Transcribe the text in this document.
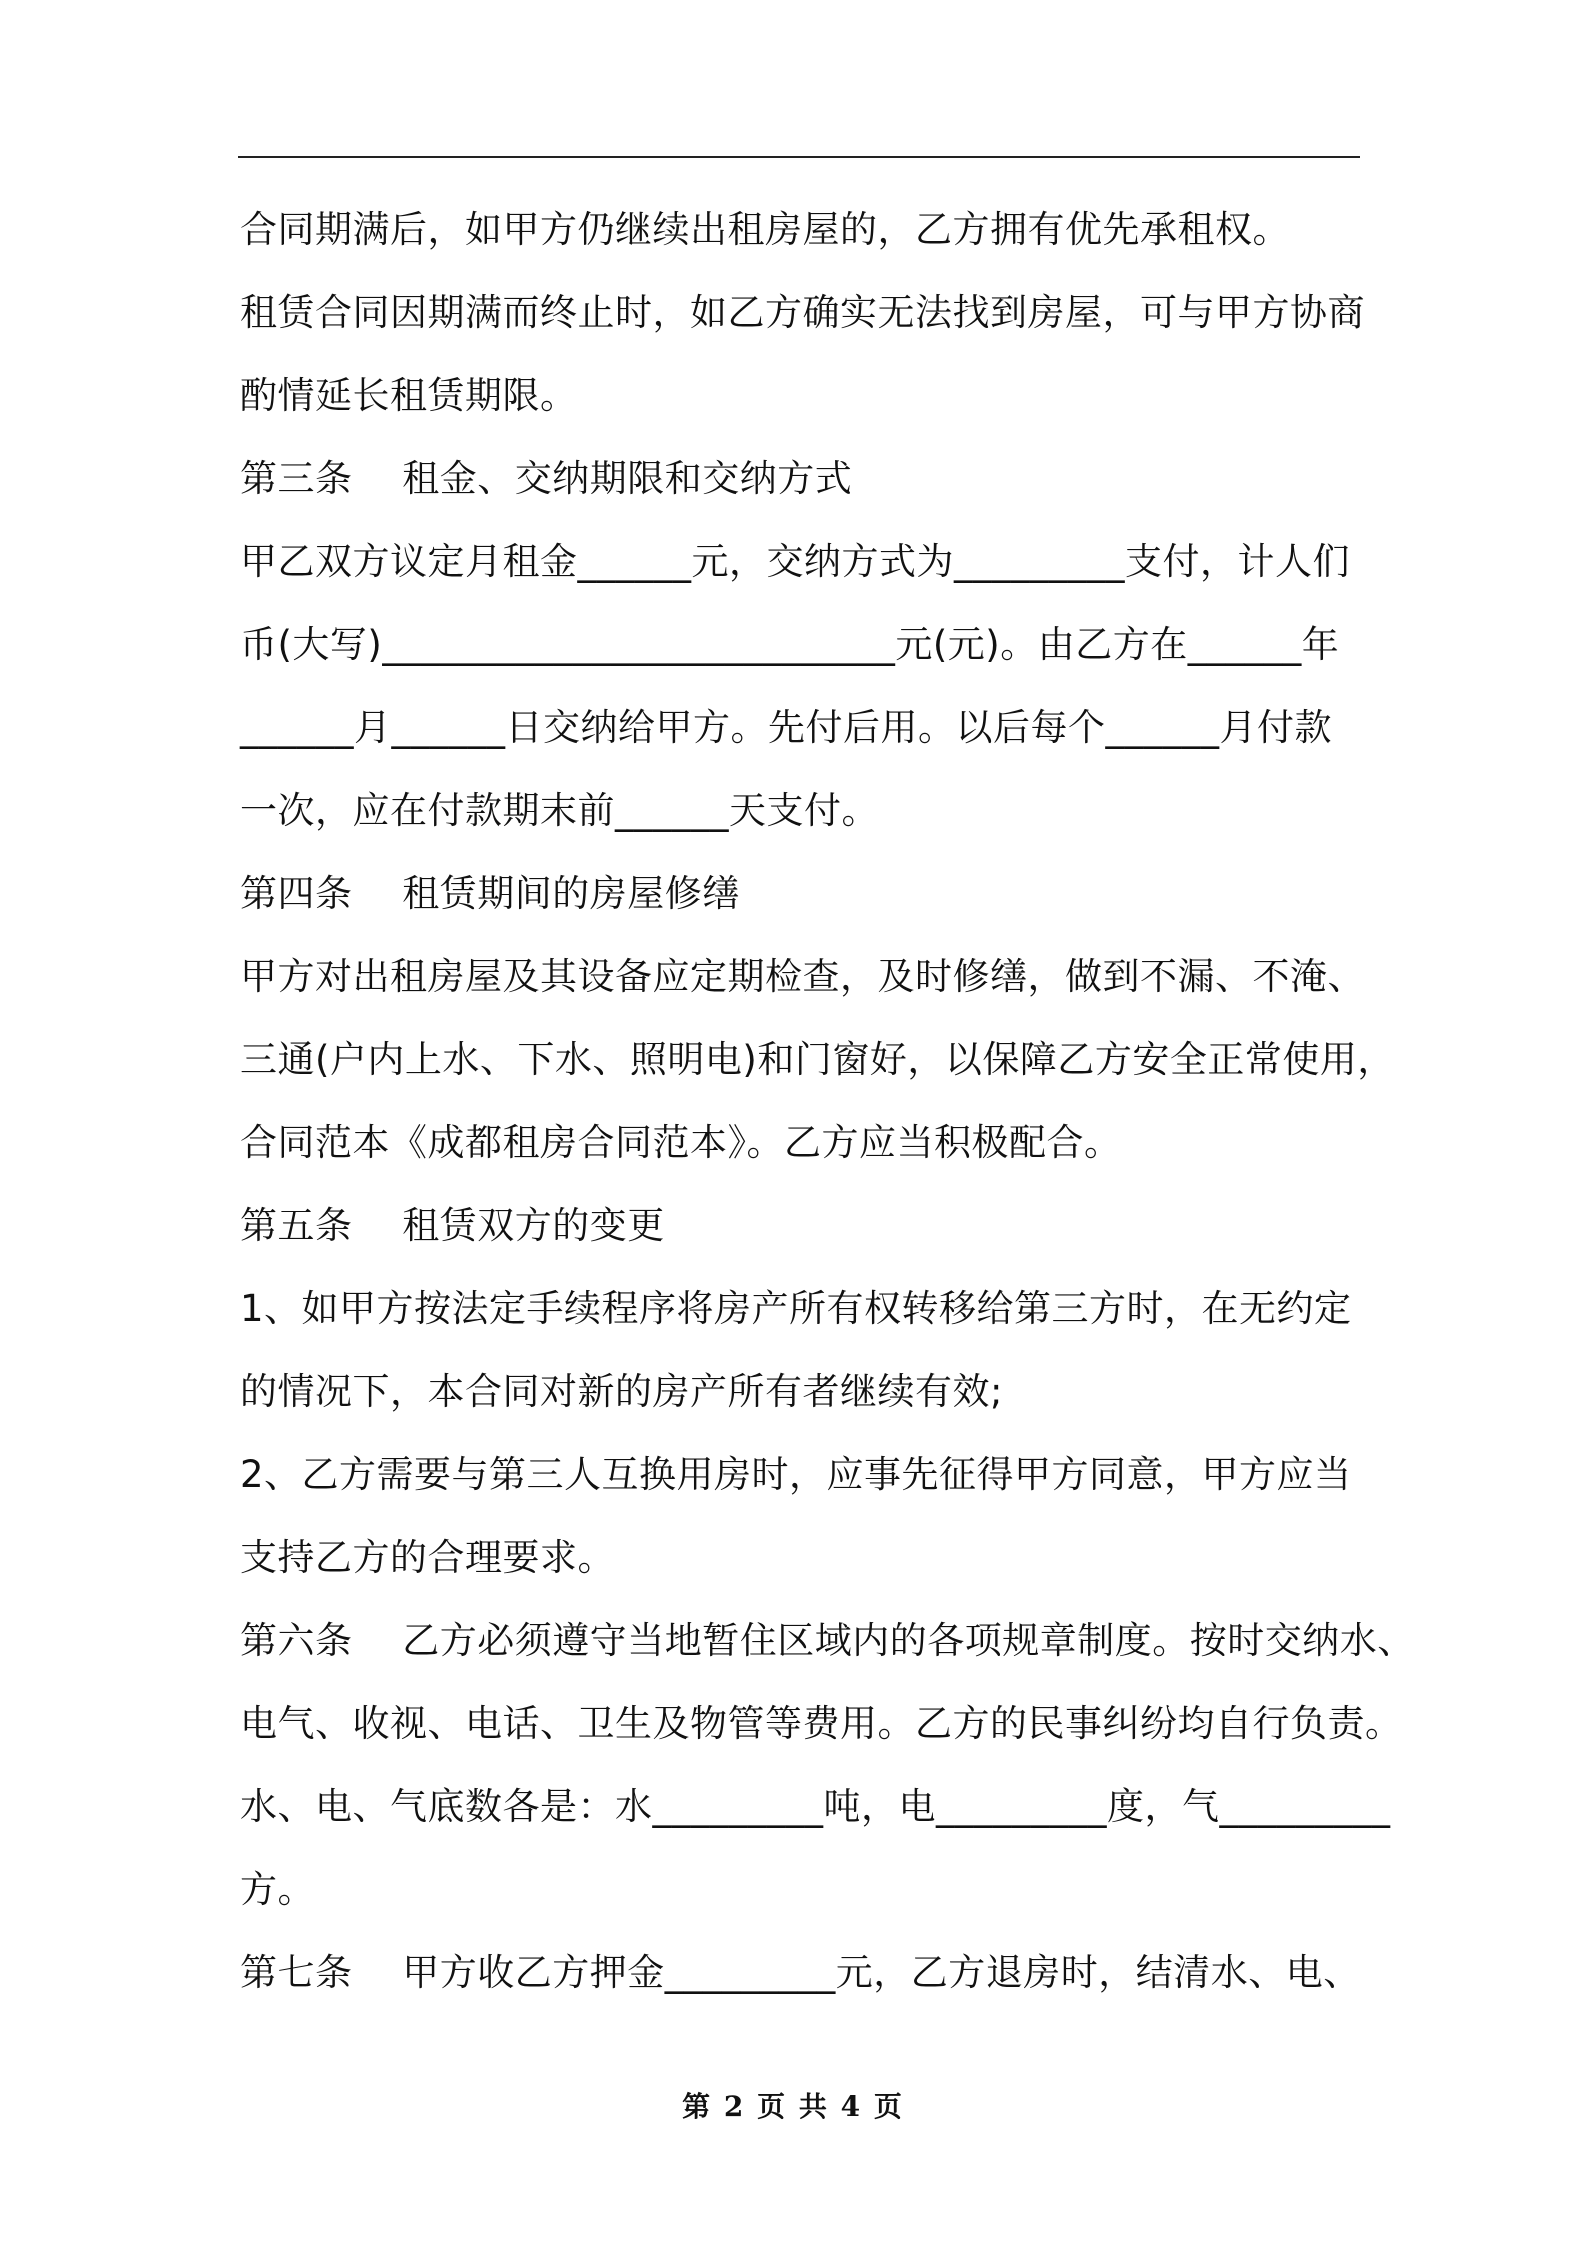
合同期满后，如甲方仍继续出租房屋的，乙方拥有优先承租权。
租赁合同因期满而终止时，如乙方确实无法找到房屋，可与甲方协商
酌情延长租赁期限。
第三条　 租金、交纳期限和交纳方式
甲乙双方议定月租金______元，交纳方式为_________支付，计人们
币(大写)___________________________元(元)。由乙方在______年
______月______日交纳给甲方。先付后用。以后每个______月付款
一次，应在付款期末前______天支付。
第四条　 租赁期间的房屋修缮
甲方对出租房屋及其设备应定期检查，及时修缮，做到不漏、不淹、
三通(户内上水、下水、照明电)和门窗好，以保障乙方安全正常使用，
合同范本《成都租房合同范本》。乙方应当积极配合。
第五条　 租赁双方的变更
1、如甲方按法定手续程序将房产所有权转移给第三方时，在无约定
的情况下，本合同对新的房产所有者继续有效;
2、乙方需要与第三人互换用房时，应事先征得甲方同意，甲方应当
支持乙方的合理要求。
第六条　 乙方必须遵守当地暂住区域内的各项规章制度。按时交纳水、
电气、收视、电话、卫生及物管等费用。乙方的民事纠纷均自行负责。
水、电、气底数各是：水_________吨，电_________度，气_________
方。
第七条　 甲方收乙方押金_________元，乙方退房时，结清水、电、
第 2 页 共 4 页
